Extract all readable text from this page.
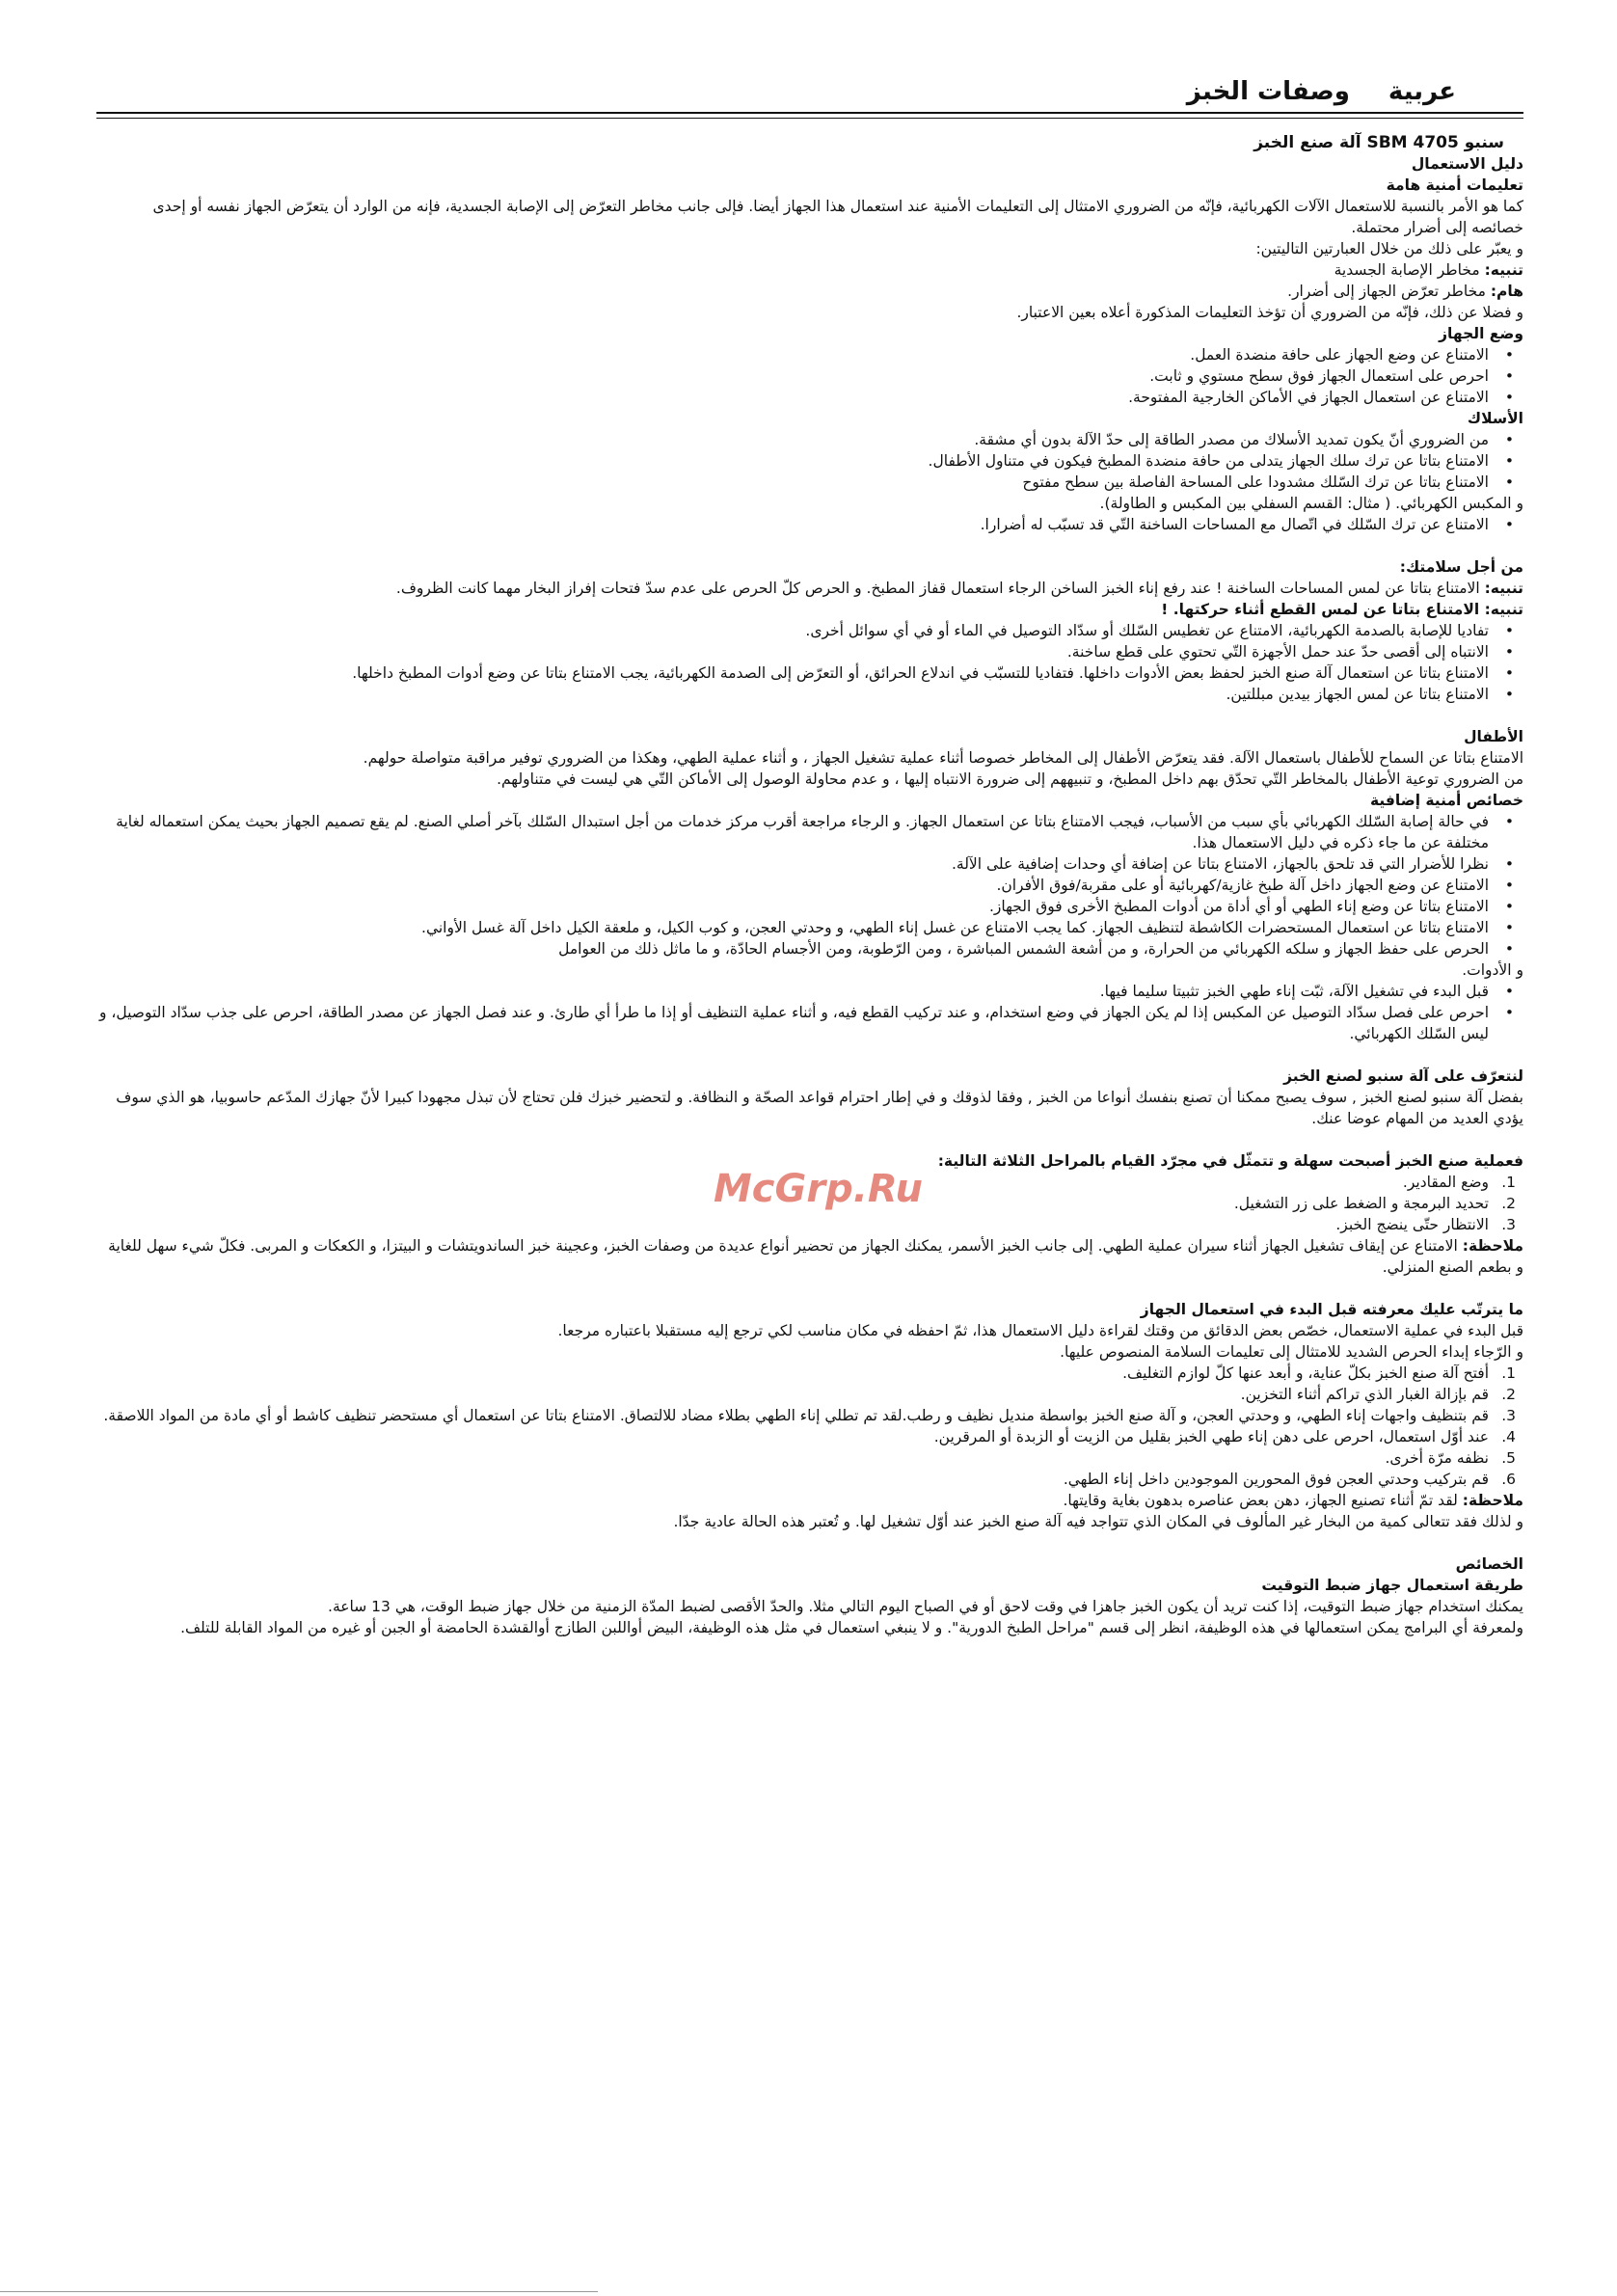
عربيةوصفات الخبز
سنبو SBM 4705 آلة صنع الخبز
دليل الاستعمال
تعليمات أمنية هامة

كما هو الأمر بالنسبة للاستعمال الآلات الكهربائية، فإنّه من الضروري الامتثال إلى التعليمات الأمنية عند استعمال هذا الجهاز أيضا. فإلى جانب مخاطر التعرّض إلى الإصابة الجسدية، فإنه من الوارد أن يتعرّض الجهاز نفسه أو إحدى خصائصه إلى أضرار محتملة.

و يعبّر على ذلك من خلال العبارتين التاليتين:

تنبيه: مخاطر الإصابة الجسدية

هام: مخاطر تعرّض الجهاز إلى أضرار.

و فضلا عن ذلك، فإنّه من الضروري أن تؤخذ التعليمات المذكورة أعلاه بعين الاعتبار.

وضع الجهاز
• الامتناع عن وضع الجهاز على حافة منضدة العمل.
• احرص على استعمال الجهاز فوق سطح مستوي و ثابت.
• الامتناع عن استعمال الجهاز في الأماكن الخارجية المفتوحة.
الأسلاك
• من الضروري أنّ يكون تمديد الأسلاك من مصدر الطاقة إلى حدّ الآلة بدون أي مشقة.
• الامتناع بتاتا عن ترك سلك الجهاز يتدلى من حافة منضدة المطبخ فيكون في متناول الأطفال.
• الامتناع بتاتا عن ترك السّلك مشدودا على المساحة الفاصلة بين سطح مفتوح

و المكبس الكهربائي. ( مثال: القسم السفلي بين المكبس و الطاولة).

• الامتناع عن ترك السّلك في اتّصال مع المساحات الساخنة التّي قد تسبّب له أضرارا.
من أجل سلامتك:

تنبيه: الامتناع بتاتا عن لمس المساحات الساخنة ! عند رفع إناء الخبز الساخن الرجاء استعمال قفاز المطبخ. و الحرص كلّ الحرص على عدم سدّ فتحات إفراز البخار مهما كانت الظروف.

تنبيه: الامتناع بتاتا عن لمس القطع أثناء حركتها. !

• تفاديا للإصابة بالصدمة الكهربائية، الامتناع عن تغطيس السّلك أو سدّاد التوصيل في الماء أو في أي سوائل أخرى.
• الانتباه إلى أقصى حدّ عند حمل الأجهزة التّي تحتوي على قطع ساخنة.
• الامتناع بتاتا عن استعمال آلة صنع الخبز لحفظ بعض الأدوات داخلها. فتفاديا للتسبّب في اندلاع الحرائق، أو التعرّض إلى الصدمة الكهربائية، يجب الامتناع بتاتا عن وضع أدوات المطبخ داخلها.
• الامتناع بتاتا عن لمس الجهاز بيدين مبللتين.
الأطفال

الامتناع بتاتا عن السماح للأطفال باستعمال الآلة. فقد يتعرّض الأطفال إلى المخاطر خصوصا أثناء عملية تشغيل الجهاز ، و أثناء عملية الطهي، وهكذا من الضروري توفير مراقبة متواصلة حولهم.

من الضروري توعية الأطفال بالمخاطر التّي تحدّق بهم داخل المطبخ، و تنبيههم إلى ضرورة الانتباه إليها ، و عدم محاولة الوصول إلى الأماكن التّي هي ليست في متناولهم.

خصائص أمنية إضافية
• في حالة إصابة السّلك الكهربائي بأي سبب من الأسباب، فيجب الامتناع بتاتا عن استعمال الجهاز. و الرجاء مراجعة أقرب مركز خدمات من أجل استبدال السّلك بآخر أصلي الصنع. لم يقع تصميم الجهاز بحيث يمكن استعماله لغاية مختلفة عن ما جاء ذكره في دليل الاستعمال هذا.
• نظرا للأضرار التي قد تلحق بالجهاز، الامتناع بتاتا عن إضافة أي وحدات إضافية على الآلة.
• الامتناع عن وضع الجهاز داخل آلة طبخ غازية/كهربائية أو على مقربة/فوق الأفران.
• الامتناع بتاتا عن وضع إناء الطهي أو أي أداة من أدوات المطبخ الأخرى فوق الجهاز.
• الامتناع بتاتا عن استعمال المستحضرات الكاشطة لتنظيف الجهاز. كما يجب الامتناع عن غسل إناء الطهي، و وحدتي العجن، و كوب الكيل، و ملعقة الكيل داخل آلة غسل الأواني.
• الحرص على حفظ الجهاز و سلكه الكهربائي من الحرارة، و من أشعة الشمس المباشرة ، ومن الرّطوبة، ومن الأجسام الحادّة، و ما ماثل ذلك من العوامل

و الأدوات.

• قبل البدء في تشغيل الآلة، ثبّت إناء طهي الخبز تثبيتا سليما فيها.
• احرص على فصل سدّاد التوصيل عن المكبس إذا لم يكن الجهاز في وضع استخدام، و عند تركيب القطع فيه، و أثناء عملية التنظيف أو إذا ما طرأ أي طارئ. و عند فصل الجهاز عن مصدر الطاقة، احرص على جذب سدّاد التوصيل، و ليس السّلك الكهربائي.
لنتعرّف على آلة سنبو لصنع الخبز

بفضل آلة سنبو لصنع الخبز , سوف يصبح ممكنا أن تصنع بنفسك أنواعا من الخبز , وفقا لذوقك و في إطار احترام قواعد الصحّة و النظافة. و لتحضير خبزك فلن تحتاج لأن تبذل مجهودا كبيرا لأنّ جهازك المدّعم حاسوبيا، هو الذي سوف يؤدي العديد من المهام عوضا عنك.

فعملية صنع الخبز أصبحت سهلة و تتمثّل في مجرّد القيام بالمراحل الثلاثة التالية:
1.
وضع المقادير.
2.
تحديد البرمجة و الضغط على زر التشغيل.
3.
الانتظار حتّى ينضج الخبز.

ملاحظة: الامتناع عن إيقاف تشغيل الجهاز أثناء سيران عملية الطهي. إلى جانب الخبز الأسمر، يمكنك الجهاز من تحضير أنواع عديدة من وصفات الخبز، وعجينة خبز الساندويتشات و البيتزا، و الكعكات و المربى. فكلّ شيء سهل للغاية و بطعم الصنع المنزلي.

ما يترتّب عليك معرفته قبل البدء في استعمال الجهاز

قبل البدء في عملية الاستعمال، خصّص بعض الدقائق من وقتك لقراءة دليل الاستعمال هذا، ثمّ احفظه في مكان مناسب لكي ترجع إليه مستقبلا باعتباره مرجعا.

و الرّجاء إبداء الحرص الشديد للامتثال إلى تعليمات السلامة المنصوص عليها.

1.
أفتح آلة صنع الخبز بكلّ عناية، و أبعد عنها كلّ لوازم التغليف.
2.
قم بإزالة الغبار الذي تراكم أثناء التخزين.
3.
قم بتنظيف واجهات إناء الطهي، و وحدتي العجن، و آلة صنع الخبز بواسطة منديل نظيف و رطب.لقد تم تطلي إناء الطهي بطلاء مضاد للالتصاق. الامتناع بتاتا عن استعمال أي مستحضر تنظيف كاشط أو أي مادة من المواد اللاصقة.
4.
عند أوّل استعمال، احرص على دهن إناء طهي الخبز بقليل من الزيت أو الزبدة أو المرقرين.
5.
نظفه مرّة أخرى.
6.
قم بتركيب وحدتي العجن فوق المحورين الموجودين داخل إناء الطهي.

ملاحظة: لقد تمّ أثناء تصنيع الجهاز، دهن بعض عناصره بدهون بغاية وقايتها.

و لذلك فقد تتعالى كمية من البخار غير المألوف في المكان الذي تتواجد فيه آلة صنع الخبز عند أوّل تشغيل لها. و تُعتبر هذه الحالة عادية جدّا.

الخصائص
طريقة استعمال جهاز ضبط التوقيت

يمكنك استخدام جهاز ضبط التوقيت، إذا كنت تريد أن يكون الخبز جاهزا في وقت لاحق أو في الصباح اليوم التالي مثلا. والحدّ الأقصى لضبط المدّة الزمنية من خلال جهاز ضبط الوقت، هي 13 ساعة.

ولمعرفة أي البرامج يمكن استعمالها في هذه الوظيفة، انظر إلى قسم "مراحل الطبخ الدورية". و لا ينبغي استعمال في مثل هذه الوظيفة، البيض أواللبن الطازج أوالقشدة الحامضة أو الجبن أو غيره من المواد القابلة للتلف.

McGrp.Ru
